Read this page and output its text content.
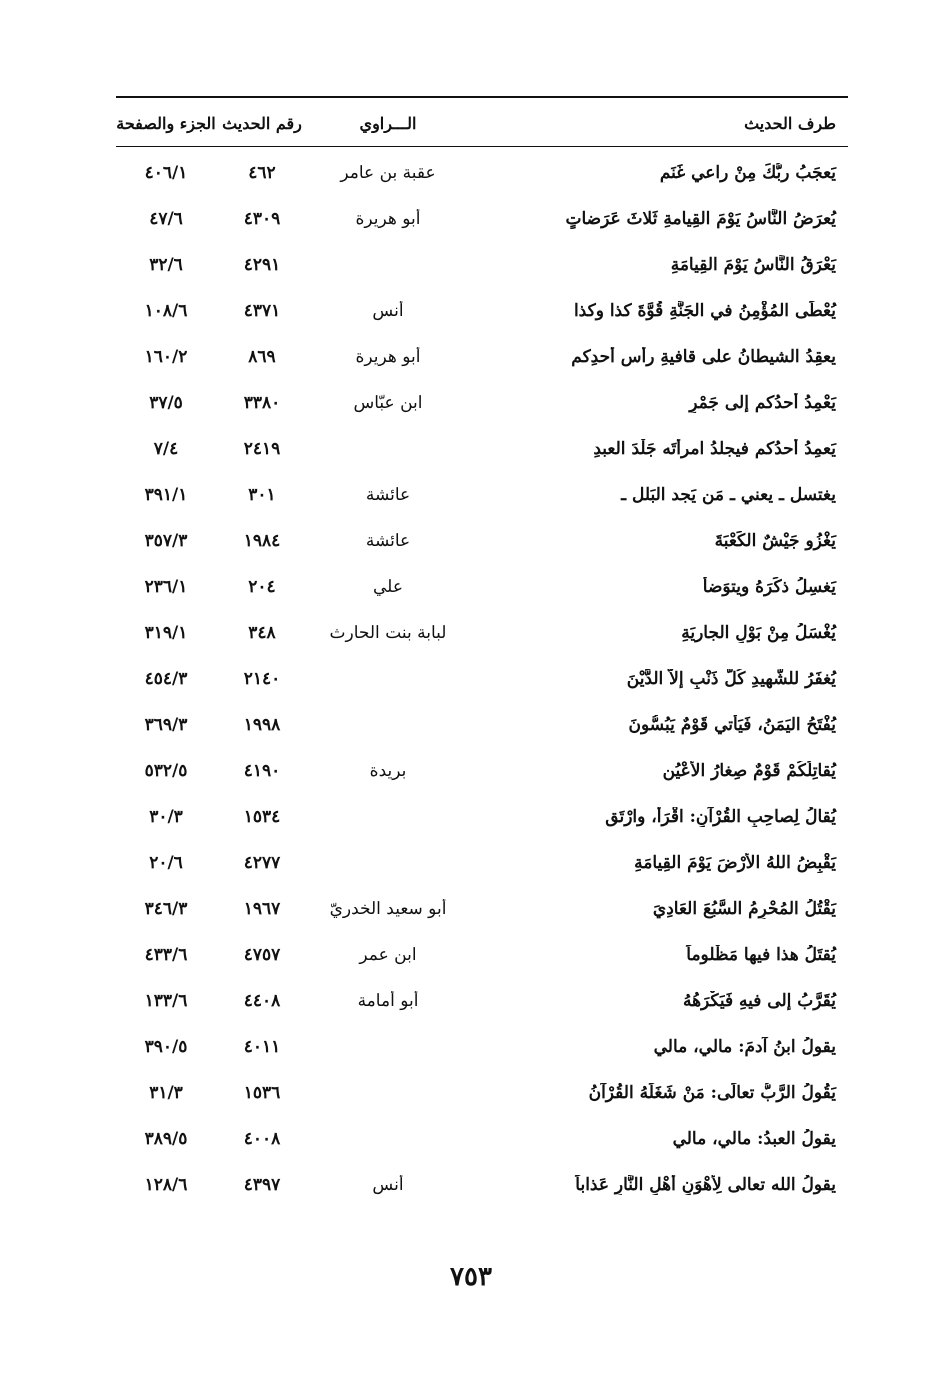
طرف الحديث
الـــراوي
رقم الحديث
الجزء والصفحة
يَعجَبُ ربُّكَ مِنْ راعي غَنَمٍ
عقبة بن عامر
٤٦٢
٤٠٦/١
يُعرَضُ النَّاسُ يَوْمَ القِيامةِ ثَلاثَ عَرَضاتٍ
أبو هريرة
٤٣٠٩
٤٧/٦
يَعْرَقُ النَّاسُ يَوْمَ القِيامَةِ
٤٢٩١
٣٢/٦
يُعْطَى المُؤْمِنُ في الجَنَّةِ قُوَّةَ كذا وكذا
أنس
٤٣٧١
١٠٨/٦
يعقِدُ الشيطانُ على قافيةِ رأسِ أحدِكم
أبو هريرة
٨٦٩
١٦٠/٢
يَعْمِدُ أحدُكم إلى جَمْرٍ
ابن عبّاس
٣٣٨٠
٣٧/٥
يَعمِدُ أحدُكم فيجلدُ امرأتَه جَلْدَ العبدِ
٢٤١٩
٧/٤
يغتسل ـ يعني ـ مَن يَجد البَلل ـ
عائشة
٣٠١
٣٩١/١
يَغْزُو جَيْشٌ الكَعْبَةَ
عائشة
١٩٨٤
٣٥٧/٣
يَغسِلُ ذكَرَهُ ويتوَضأُ
علي
٢٠٤
٢٣٦/١
يُغْسَلُ مِنْ بَوْلِ الجاريَةِ
لبابة بنت الحارث
٣٤٨
٣١٩/١
يُغفَرُ للشَّهيدِ كُلُّ ذَنْبٍ إلاَّ الدَّيْنَ
٢١٤٠
٤٥٤/٣
يُفْتَحُ اليَمَنُ، فَيَأْتي قَوْمٌ يَبُسُّونَ
١٩٩٨
٣٦٩/٣
يُقاتِلُكُمْ قَوْمٌ صِغارُ الأَعْيُنِ
بريدة
٤١٩٠
٥٣٢/٥
يُقالُ لِصاحِبِ القُرْآنِ: اقْرَأْ، وارْتَقِ
١٥٣٤
٣٠/٣
يَقْبِضُ اللهُ الأَرْضَ يَوْمَ القِيامَةِ
٤٢٧٧
٢٠/٦
يَقْتُلُ المُحْرِمُ السَّبُعَ العَادِيَ
أبو سعيد الخدريّ
١٩٦٧
٣٤٦/٣
يُقتَلُ هذا فيها مَظْلوماً
ابن عمر
٤٧٥٧
٤٣٣/٦
يُقَرَّبُ إلى فيهِ فَيَكْرَهُهُ
أبو أمامة
٤٤٠٨
١٣٣/٦
يقولُ ابنُ آدمَ: مالي، مالي
٤٠١١
٣٩٠/٥
يَقُولُ الرَّبُّ تعالَى: مَنْ شَغَلَهُ القُرْآنُ
١٥٣٦
٣١/٣
يقولُ العبدُ: مالي، مالي
٤٠٠٨
٣٨٩/٥
يقولُ الله تعالى لِأَهْوَنِ أَهْلِ النَّارِ عَذاباً
أنس
٤٣٩٧
١٢٨/٦
٧٥٣
